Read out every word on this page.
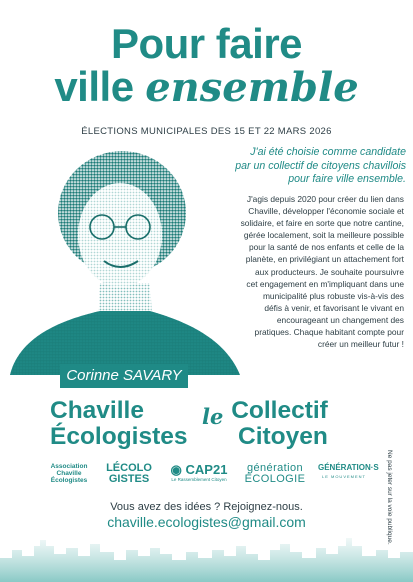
Pour faire
ville ensemble
ÉLECTIONS MUNICIPALES DES 15 ET 22 MARS 2026
Corinne SAVARY

J'ai été choisie comme candidate

par un collectif de citoyens chavillois

pour faire ville ensemble.

J'agis depuis 2020 pour créer du lien dans
Chaville, développer l'économie sociale et
solidaire, et faire en sorte que notre cantine,
gérée localement, soit la meilleure possible
pour la santé de nos enfants et celle de la
planète, en privilégiant un attachement fort
aux producteurs. Je souhaite poursuivre
cet engagement en m'impliquant dans une
municipalité plus robuste vis-à-vis des
défis à venir, et favorisant le vivant en
encourageant un changement des
pratiques. Chaque habitant compte pour
créer un meilleur futur !
Chaville
Écologistes
le Collectif
Citoyen
Association
Chaville
Écologistes
LÉCOLO
GISTES
◉ CAP21
Le Rassemblement Citoyen
génération
ÉCOLOGIE
GÉNÉRATION·S
LE MOUVEMENT
Vous avez des idées ? Rejoignez-nous.
chaville.ecologistes@gmail.com	Ne pas jeter sur la voie publique.
